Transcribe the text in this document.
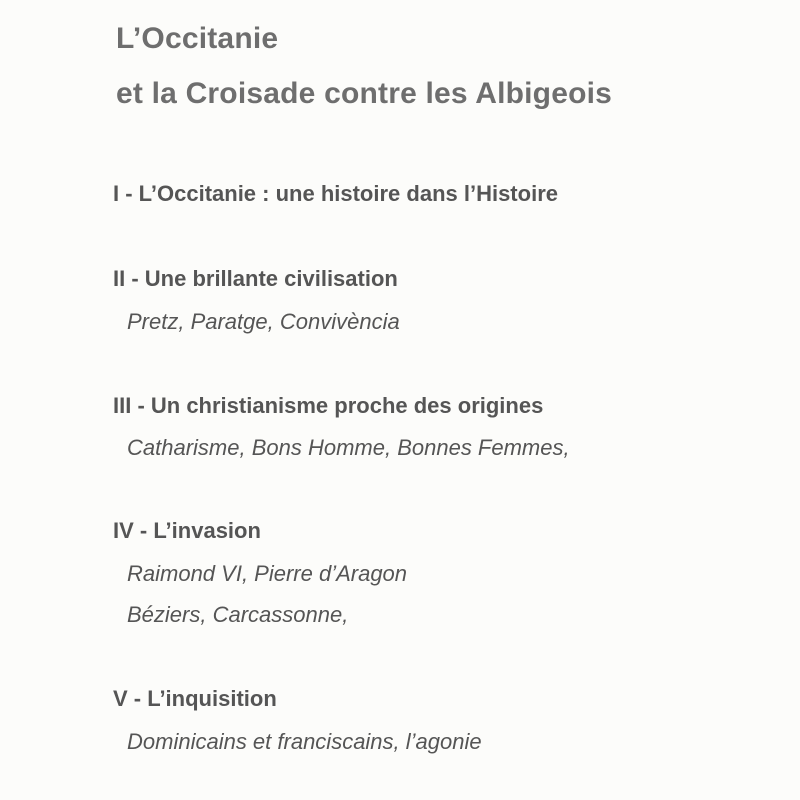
L’Occitanie
et la Croisade contre les Albigeois
I - L’Occitanie : une histoire dans l’Histoire
II - Une brillante civilisation
Pretz, Paratge, Convivència
III - Un christianisme proche des origines
Catharisme, Bons Homme, Bonnes Femmes,
IV - L’invasion
Raimond VI, Pierre d’Aragon
Béziers, Carcassonne,
V - L’inquisition
Dominicains et franciscains, l’agonie
